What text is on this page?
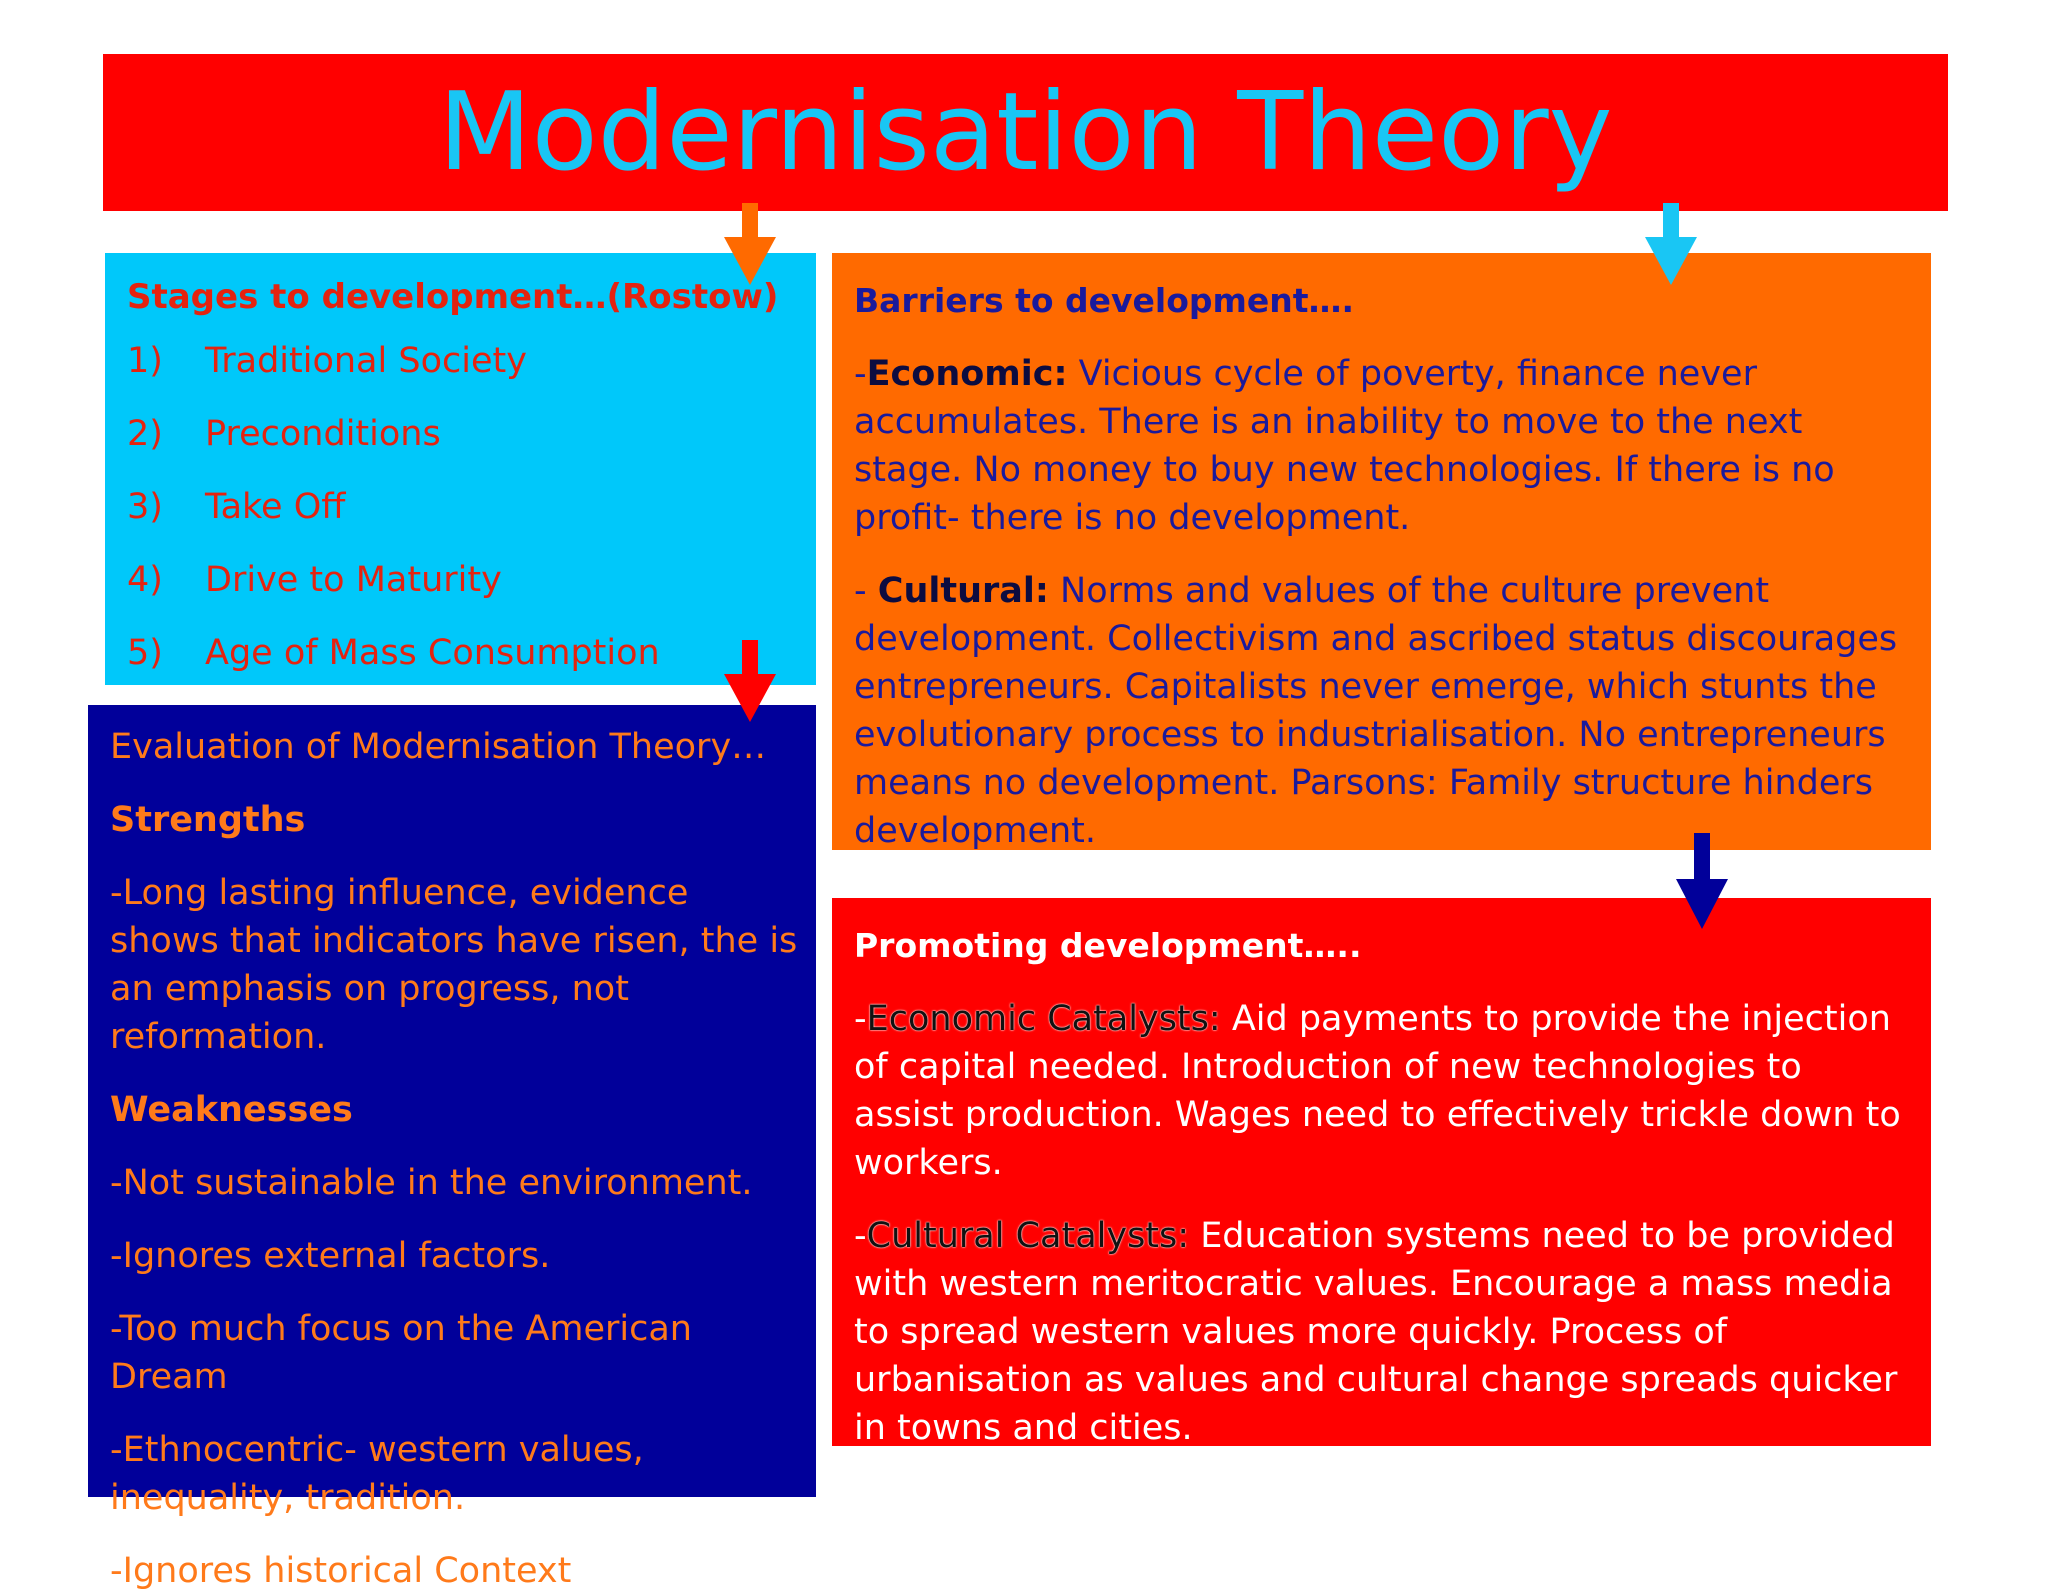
Modernisation Theory
Stages to development…(Rostow)
1)	Traditional Society
2)	Preconditions
3)	Take Off
4)	Drive to Maturity
5)	Age of Mass Consumption

Evaluation of Modernisation Theory…

Strengths

-Long lasting influence, evidence shows that indicators have risen, the is an emphasis on progress, not reformation.

Weaknesses

-Not sustainable in the environment.

-Ignores external factors.

-Too much focus on the American Dream

-Ethnocentric- western values, inequality, tradition.

-Ignores historical Context

Barriers to development….

-Economic: Vicious cycle of poverty, finance never accumulates. There is an inability to move to the next stage. No money to buy new technologies. If there is no profit- there is no development.

- Cultural: Norms and values of the culture prevent development. Collectivism and ascribed status discourages entrepreneurs. Capitalists never emerge, which stunts the evolutionary process to industrialisation. No entrepreneurs means no development. Parsons: Family structure hinders development.

Promoting development…..

-Economic Catalysts: Aid payments to provide the injection of capital needed. Introduction of new technologies to assist production. Wages need to effectively trickle down to workers.

-Cultural Catalysts: Education systems need to be provided with western meritocratic values. Encourage a mass media to spread western values more quickly. Process of urbanisation as values and cultural change spreads quicker in towns and cities.
